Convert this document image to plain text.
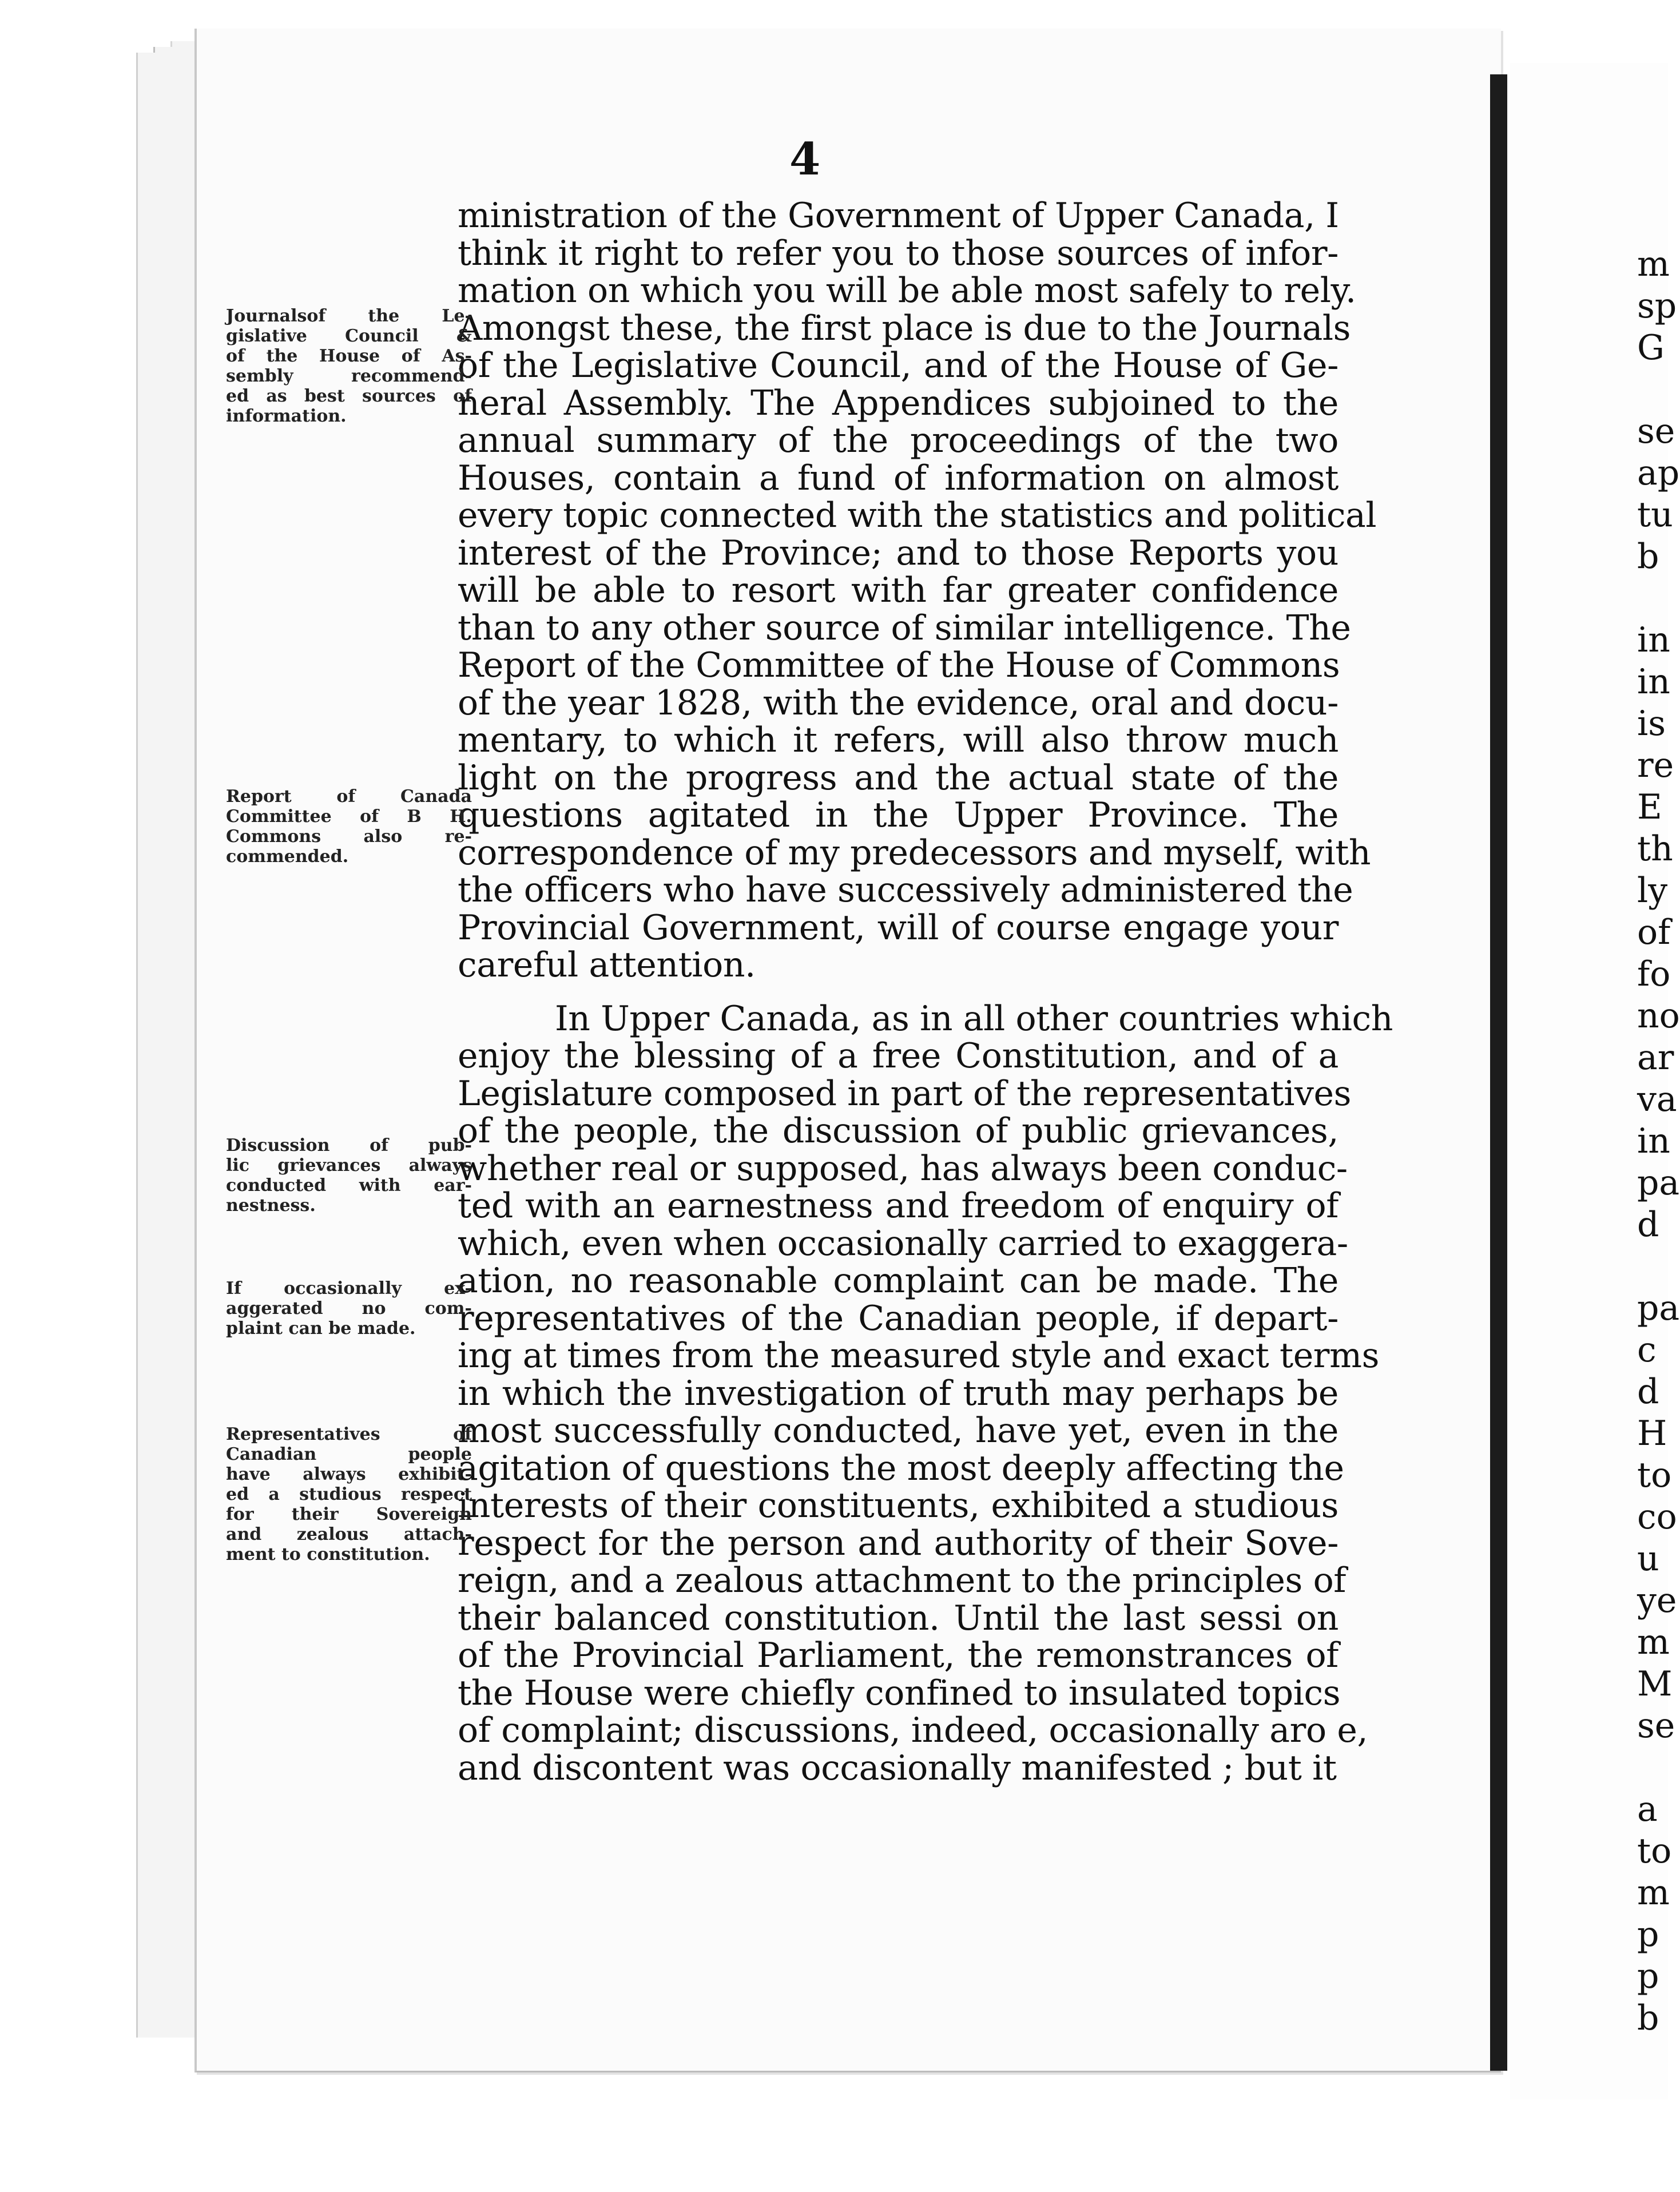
4
ministration of the Government of Upper Canada, I
think it right to refer you to those sources of infor-
mation on which you will be able most safely to rely.
Amongst these, the first place is due to the Journals
of the Legislative Council, and of the House of Ge-
neral Assembly. The Appendices subjoined to the
annual summary of the proceedings of the two
Houses, contain a fund of information on almost
every topic connected with the statistics and political
interest of the Province; and to those Reports you
will be able to resort with far greater confidence
than to any other source of similar intelligence. The
Report of the Committee of the House of Commons
of the year 1828, with the evidence, oral and docu-
mentary, to which it refers, will also throw much
light on the progress and the actual state of the
questions agitated in the Upper Province. The
correspondence of my predecessors and myself, with
the officers who have successively administered the
Provincial Government, will of course engage your
careful attention.
In Upper Canada, as in all other countries which
enjoy the blessing of a free Constitution, and of a
Legislature composed in part of the representatives
of the people, the discussion of public grievances,
whether real or supposed, has always been conduc-
ted with an earnestness and freedom of enquiry of
which, even when occasionally carried to exaggera-
ation, no reasonable complaint can be made. The
representatives of the Canadian people, if depart-
ing at times from the measured style and exact terms
in which the investigation of truth may perhaps be
most successfully conducted, have yet, even in the
agitation of questions the most deeply affecting the
interests of their constituents, exhibited a studious
respect for the person and authority of their Sove-
reign, and a zealous attachment to the principles of
their balanced constitution. Until the last sessi on
of the Provincial Parliament, the remonstrances of
the House were chiefly confined to insulated topics
of complaint; discussions, indeed, occasionally aro e,
and discontent was occasionally manifested ; but it
Journalsof the Le-
gislative Council &
of the House of As-
sembly recommend-
ed as best sources of
information.
Report of Canada
Committee of B H.
Commons also re-
commended.
Discussion of pub-
lic grievances always
conducted with ear-
nestness.
If occasionally ex-
aggerated no com-
plaint can be made.
Representatives of
Canadian people
have always exhibit-
ed a studious respect
for their Sovereign
and zealous attach-
ment to constitution.
m
sp
G
se
ap
tu
b
in
in
is
re
E
th
ly
of
fo
no
ar
va
in
pa
d
pa
c
d
H
to
co
u
ye
m
M
se
a
to
m
p
p
b
